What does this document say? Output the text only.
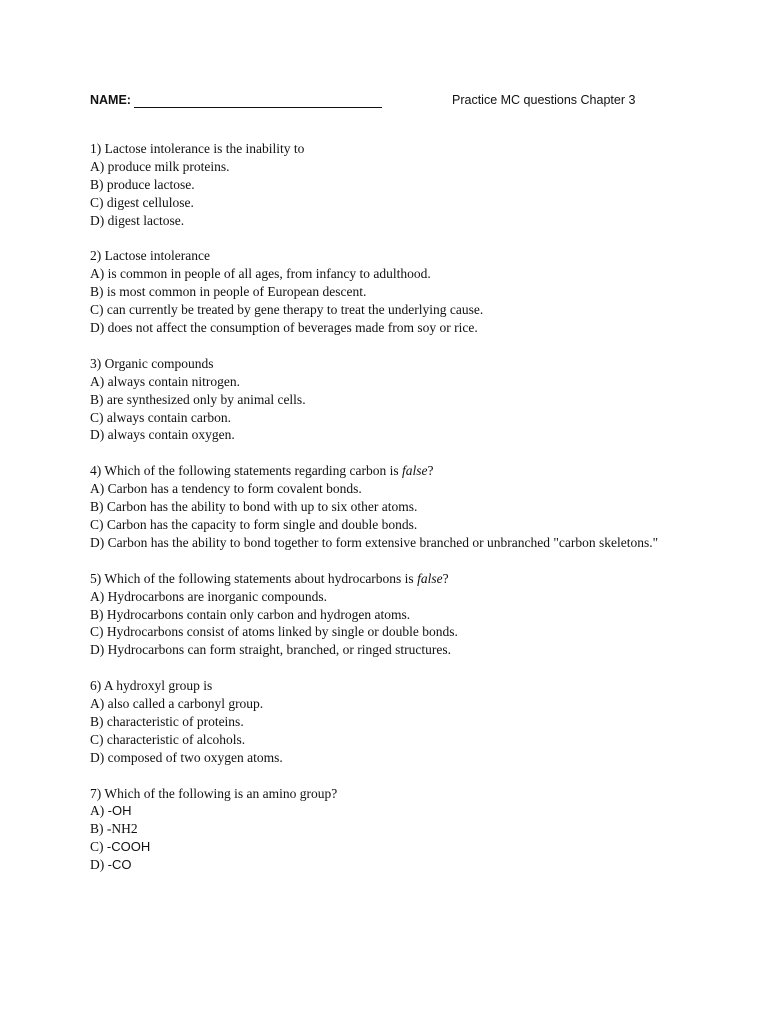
NAME:	Practice MC questions Chapter 3
1) Lactose intolerance is the inability to
A) produce milk proteins.
B) produce lactose.
C) digest cellulose.
D) digest lactose.
2) Lactose intolerance
A) is common in people of all ages, from infancy to adulthood.
B) is most common in people of European descent.
C) can currently be treated by gene therapy to treat the underlying cause.
D) does not affect the consumption of beverages made from soy or rice.
3) Organic compounds
A) always contain nitrogen.
B) are synthesized only by animal cells.
C) always contain carbon.
D) always contain oxygen.
4) Which of the following statements regarding carbon is false?
A) Carbon has a tendency to form covalent bonds.
B) Carbon has the ability to bond with up to six other atoms.
C) Carbon has the capacity to form single and double bonds.
D) Carbon has the ability to bond together to form extensive branched or unbranched "carbon skeletons."
5) Which of the following statements about hydrocarbons is false?
A) Hydrocarbons are inorganic compounds.
B) Hydrocarbons contain only carbon and hydrogen atoms.
C) Hydrocarbons consist of atoms linked by single or double bonds.
D) Hydrocarbons can form straight, branched, or ringed structures.
6) A hydroxyl group is
A) also called a carbonyl group.
B) characteristic of proteins.
C) characteristic of alcohols.
D) composed of two oxygen atoms.
7) Which of the following is an amino group?
A) -OH
B) -NH2
C) -COOH
D) -CO
